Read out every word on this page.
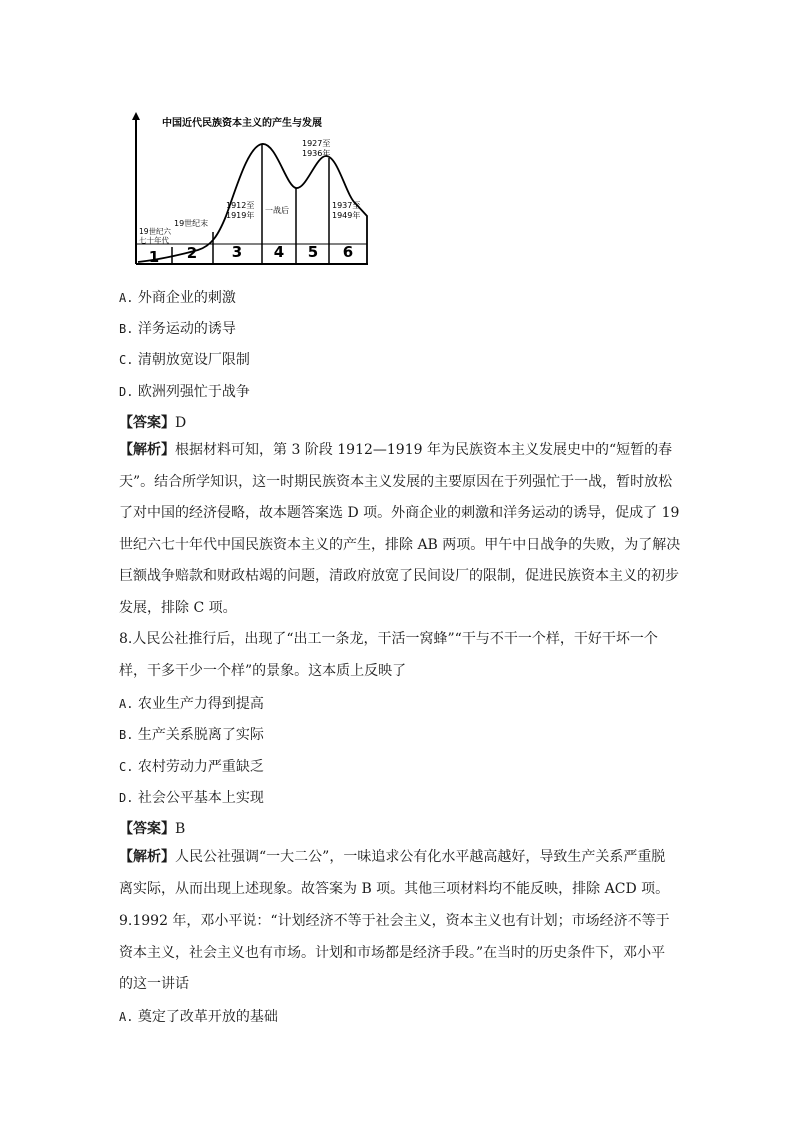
中国近代民族资本主义的产生与发展
19世纪六
七十年代
19世纪末
1912至
1919年
一战后
1927至
1936年
1937至
1949年
1 2 3 4 5 6
A. 外商企业的刺激
B. 洋务运动的诱导
C. 清朝放宽设厂限制
D. 欧洲列强忙于战争
【答案】D
【解析】根据材料可知，第 3 阶段 1912—1919 年为民族资本主义发展史中的“短暂的春
天”。结合所学知识，这一时期民族资本主义发展的主要原因在于列强忙于一战，暂时放松
了对中国的经济侵略，故本题答案选 D 项。外商企业的刺激和洋务运动的诱导，促成了 19
世纪六七十年代中国民族资本主义的产生，排除 AB 两项。甲午中日战争的失败，为了解决
巨额战争赔款和财政枯竭的问题，清政府放宽了民间设厂的限制，促进民族资本主义的初步
发展，排除 C 项。
8.人民公社推行后，出现了“出工一条龙，干活一窝蜂”“干与不干一个样，干好干坏一个
样，干多干少一个样”的景象。这本质上反映了
A. 农业生产力得到提高
B. 生产关系脱离了实际
C. 农村劳动力严重缺乏
D. 社会公平基本上实现
【答案】B
【解析】人民公社强调“一大二公”，一味追求公有化水平越高越好，导致生产关系严重脱
离实际，从而出现上述现象。故答案为 B 项。其他三项材料均不能反映，排除 ACD 项。
9.1992 年，邓小平说：“计划经济不等于社会主义，资本主义也有计划；市场经济不等于
资本主义，社会主义也有市场。计划和市场都是经济手段。”在当时的历史条件下，邓小平
的这一讲话
A. 奠定了改革开放的基础
